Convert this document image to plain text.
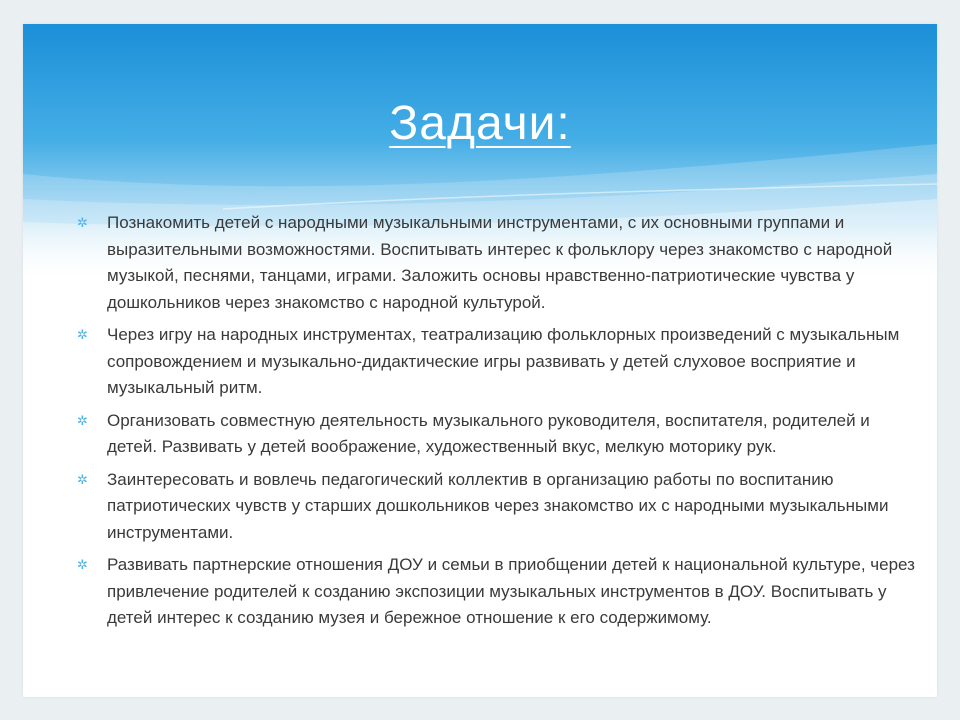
Задачи:
✲ Познакомить детей с народными музыкальными инструментами, с их основными группами и выразительными возможностями. Воспитывать интерес к фольклору через знакомство с народной музыкой, песнями, танцами, играми. Заложить основы нравственно-патриотические чувства у дошкольников через знакомство с народной культурой.
✲ Через игру на народных инструментах, театрализацию фольклорных произведений с музыкальным сопровождением и музыкально-дидактические игры развивать у детей слуховое восприятие и музыкальный ритм.
✲ Организовать совместную деятельность музыкального руководителя, воспитателя, родителей и детей. Развивать у детей воображение, художественный вкус, мелкую моторику рук.
✲ Заинтересовать и вовлечь педагогический коллектив в организацию работы по воспитанию патриотических чувств у старших дошкольников через знакомство их с народными музыкальными инструментами.
✲ Развивать партнерские отношения ДОУ и семьи в приобщении детей к национальной культуре, через привлечение родителей к созданию экспозиции музыкальных инструментов в ДОУ. Воспитывать у детей интерес к созданию музея и бережное отношение к его содержимому.
